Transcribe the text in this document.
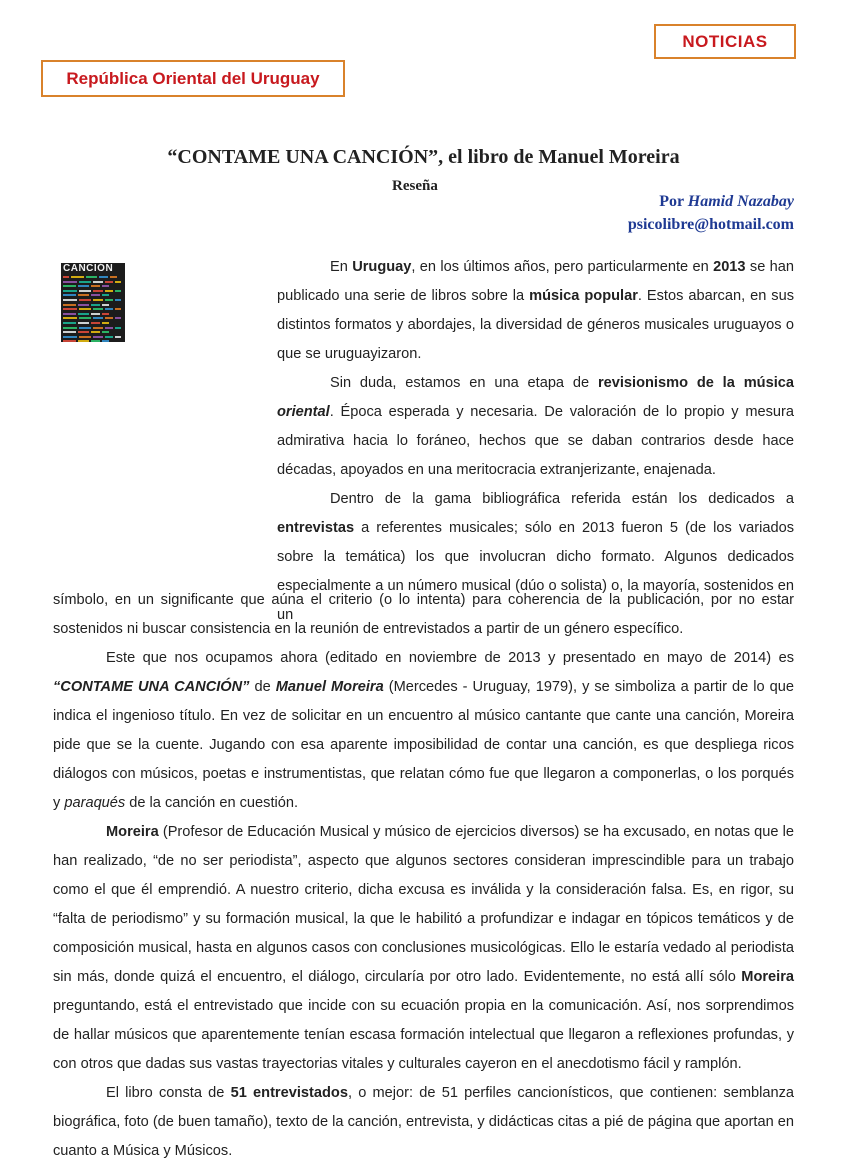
NOTICIAS
República Oriental del Uruguay
“CONTAME UNA CANCIÓN”, el libro de Manuel Moreira
Reseña
Por Hamid Nazabay
psicolibre@hotmail.com
CANCIÓN	En Uruguay, en los últimos años, pero particularmente en 2013 se han publicado una serie de libros sobre la música popular. Estos abarcan, en sus distintos formatos y abordajes, la diversidad de géneros musicales uruguayos o que se uruguayizaron.

Sin duda, estamos en una etapa de revisionismo de la música oriental. Época esperada y necesaria. De valoración de lo propio y mesura admirativa hacia lo foráneo, hechos que se daban contrarios desde hace décadas, apoyados en una meritocracia extranjerizante, enajenada.

Dentro de la gama bibliográfica referida están los dedicados a entrevistas a referentes musicales; sólo en 2013 fueron 5 (de los variados sobre la temática) los que involucran dicho formato. Algunos dedicados especialmente a un número musical (dúo o solista) o, la mayoría, sostenidos en un

símbolo, en un significante que aúna el criterio (o lo intenta) para coherencia de la publicación, por no estar sostenidos ni buscar consistencia en la reunión de entrevistados a partir de un género específico.

Este que nos ocupamos ahora (editado en noviembre de 2013 y presentado en mayo de 2014) es “CONTAME UNA CANCIÓN” de Manuel Moreira (Mercedes - Uruguay, 1979), y se simboliza a partir de lo que indica el ingenioso título. En vez de solicitar en un encuentro al músico cantante que cante una canción, Moreira pide que se la cuente. Jugando con esa aparente imposibilidad de contar una canción, es que despliega ricos diálogos con músicos, poetas e instrumentistas, que relatan cómo fue que llegaron a componerlas, o los porqués y paraqués de la canción en cuestión.

Moreira (Profesor de Educación Musical y músico de ejercicios diversos) se ha excusado, en notas que le han realizado, “de no ser periodista”, aspecto que algunos sectores consideran imprescindible para un trabajo como el que él emprendió. A nuestro criterio, dicha excusa es inválida y la consideración falsa. Es, en rigor, su “falta de periodismo” y su formación musical, la que le habilitó a profundizar e indagar en tópicos temáticos y de composición musical, hasta en algunos casos con conclusiones musicológicas. Ello le estaría vedado al periodista sin más, donde quizá el encuentro, el diálogo, circularía por otro lado. Evidentemente, no está allí sólo Moreira preguntando, está el entrevistado que incide con su ecuación propia en la comunicación. Así, nos sorprendimos de hallar músicos que aparentemente tenían escasa formación intelectual que llegaron a reflexiones profundas, y con otros que dadas sus vastas trayectorias vitales y culturales cayeron en el anecdotismo fácil y ramplón.

El libro consta de 51 entrevistados, o mejor: de 51 perfiles cancionísticos, que contienen: semblanza biográfica, foto (de buen tamaño), texto de la canción, entrevista, y didácticas citas a pié de página que aportan en cuanto a Música y Músicos.
